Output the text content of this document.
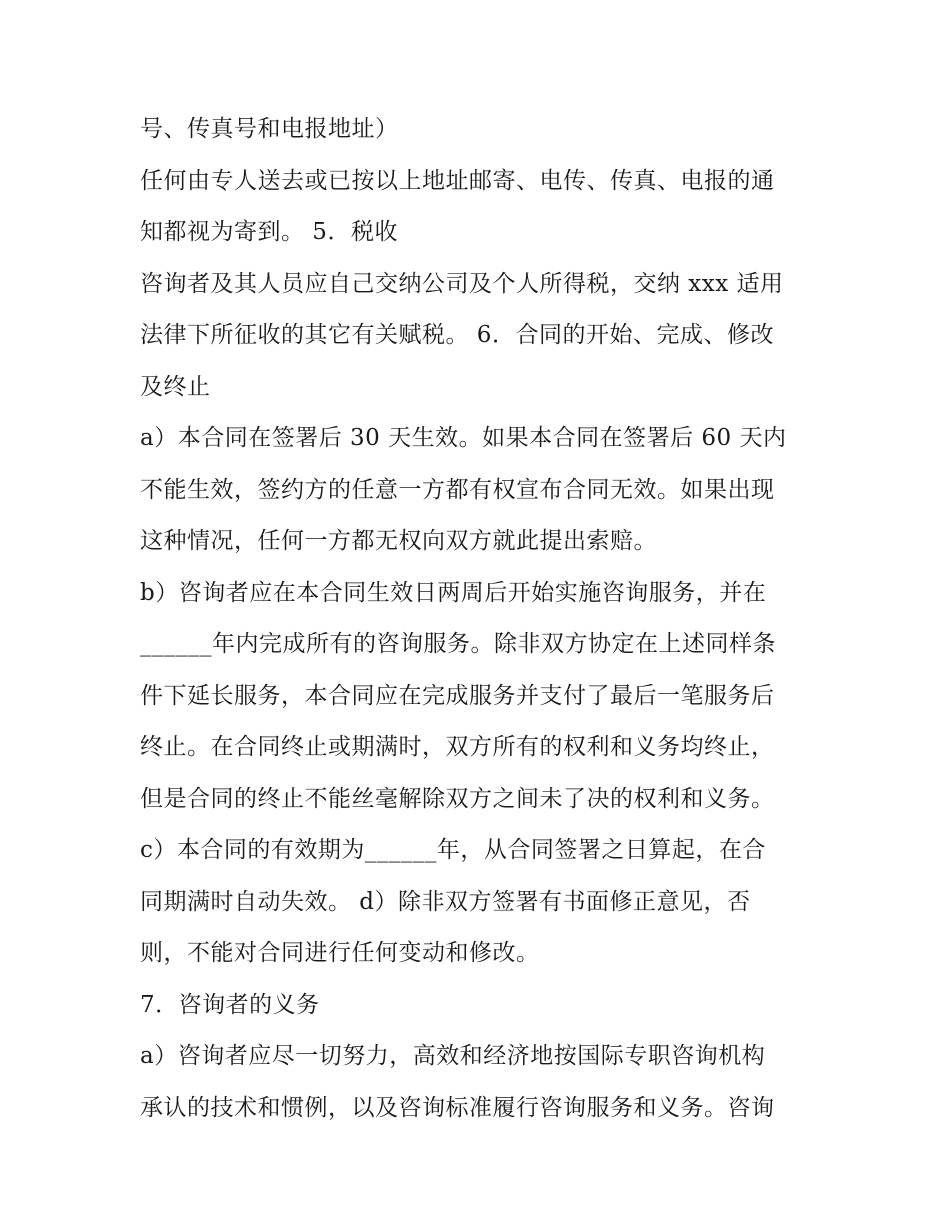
号、传真号和电报地址）
任何由专人送去或已按以上地址邮寄、电传、传真、电报的通
知都视为寄到。 5．税收
咨询者及其人员应自己交纳公司及个人所得税，交纳 xxx 适用
法律下所征收的其它有关赋税。 6．合同的开始、完成、修改
及终止
a）本合同在签署后 30 天生效。如果本合同在签署后 60 天内
不能生效，签约方的任意一方都有权宣布合同无效。如果出现
这种情况，任何一方都无权向双方就此提出索赔。
b）咨询者应在本合同生效日两周后开始实施咨询服务，并在
______年内完成所有的咨询服务。除非双方协定在上述同样条
件下延长服务，本合同应在完成服务并支付了最后一笔服务后
终止。在合同终止或期满时，双方所有的权利和义务均终止，
但是合同的终止不能丝毫解除双方之间未了决的权利和义务。
c）本合同的有效期为______年，从合同签署之日算起，在合
同期满时自动失效。 d）除非双方签署有书面修正意见，否
则，不能对合同进行任何变动和修改。
7．咨询者的义务
a）咨询者应尽一切努力，高效和经济地按国际专职咨询机构
承认的技术和惯例，以及咨询标准履行咨询服务和义务。咨询
